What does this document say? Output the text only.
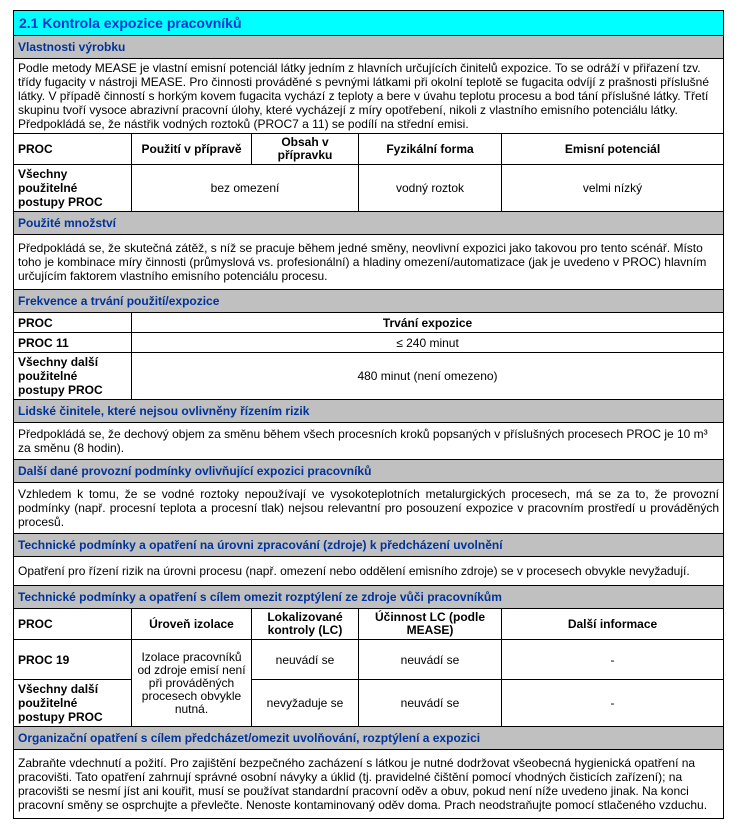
2.1 Kontrola expozice pracovníků				
Vlastnosti výrobku				
Podle metody MEASE je vlastní emisní potenciál látky jedním z hlavních určujících činitelů expozice. To se odráží v přiřazení tzv. třídy fugacity v nástroji MEASE. Pro činnosti prováděné s pevnými látkami při okolní teplotě se fugacita odvíjí z prašnosti příslušné látky. V případě činností s horkým kovem fugacita vychází z teploty a bere v úvahu teplotu procesu a bod tání příslušné látky. Třetí skupinu tvoří vysoce abrazivní pracovní úlohy, které vycházejí z míry opotřebení, nikoli z vlastního emisního potenciálu látky. Předpokládá se, že nástřik vodných roztoků (PROC7 a 11) se podílí na střední emisi.				
PROC	Použití v přípravě	Obsah v přípravku	Fyzikální forma	Emisní potenciál
Všechny použitelné postupy PROC	bez omezení		vodný roztok	velmi nízký
Použité množství				
Předpokládá se, že skutečná zátěž, s níž se pracuje během jedné směny, neovlivní expozici jako takovou pro tento scénář. Místo toho je kombinace míry činnosti (průmyslová vs. profesionální) a hladiny omezení/automatizace (jak je uvedeno v PROC) hlavním určujícím faktorem vlastního emisního potenciálu procesu.				
Frekvence a trvání použití/expozice				
PROC	Trvání expozice			
PROC 11	≤ 240 minut			
Všechny další použitelné postupy PROC	480 minut (není omezeno)			
Lidské činitele, které nejsou ovlivněny řízením rizik				
Předpokládá se, že dechový objem za směnu během všech procesních kroků popsaných v příslušných procesech PROC je 10 m³ za směnu (8 hodin).				
Další dané provozní podmínky ovlivňující expozici pracovníků				
Vzhledem k tomu, že se vodné roztoky nepoužívají ve vysokoteplotních metalurgických procesech, má se za to, že provozní podmínky (např. procesní teplota a procesní tlak) nejsou relevantní pro posouzení expozice v pracovním prostředí u prováděných procesů.				
Technické podmínky a opatření na úrovni zpracování (zdroje) k předcházení uvolnění				
Opatření pro řízení rizik na úrovni procesu (např. omezení nebo oddělení emisního zdroje) se v procesech obvykle nevyžadují.				
Technické podmínky a opatření s cílem omezit rozptýlení ze zdroje vůči pracovníkům				
PROC	Úroveň izolace	Lokalizované kontroly (LC)	Účinnost LC (podle MEASE)	Další informace
PROC 19	Izolace pracovníků od zdroje emisí není při prováděných procesech obvykle nutná.	neuvádí se	neuvádí se	-
Všechny další použitelné postupy PROC		nevyžaduje se	neuvádí se	-
Organizační opatření s cílem předcházet/omezit uvolňování, rozptýlení a expozici				
Zabraňte vdechnutí a požití. Pro zajištění bezpečného zacházení s látkou je nutné dodržovat všeobecná hygienická opatření na pracovišti. Tato opatření zahrnují správné osobní návyky a úklid (tj. pravidelné čištění pomocí vhodných čisticích zařízení); na pracovišti se nesmí jíst ani kouřit, musí se používat standardní pracovní oděv a obuv, pokud není níže uvedeno jinak. Na konci pracovní směny se osprchujte a převlečte. Nenoste kontaminovaný oděv doma. Prach neodstraňujte pomocí stlačeného vzduchu.				
